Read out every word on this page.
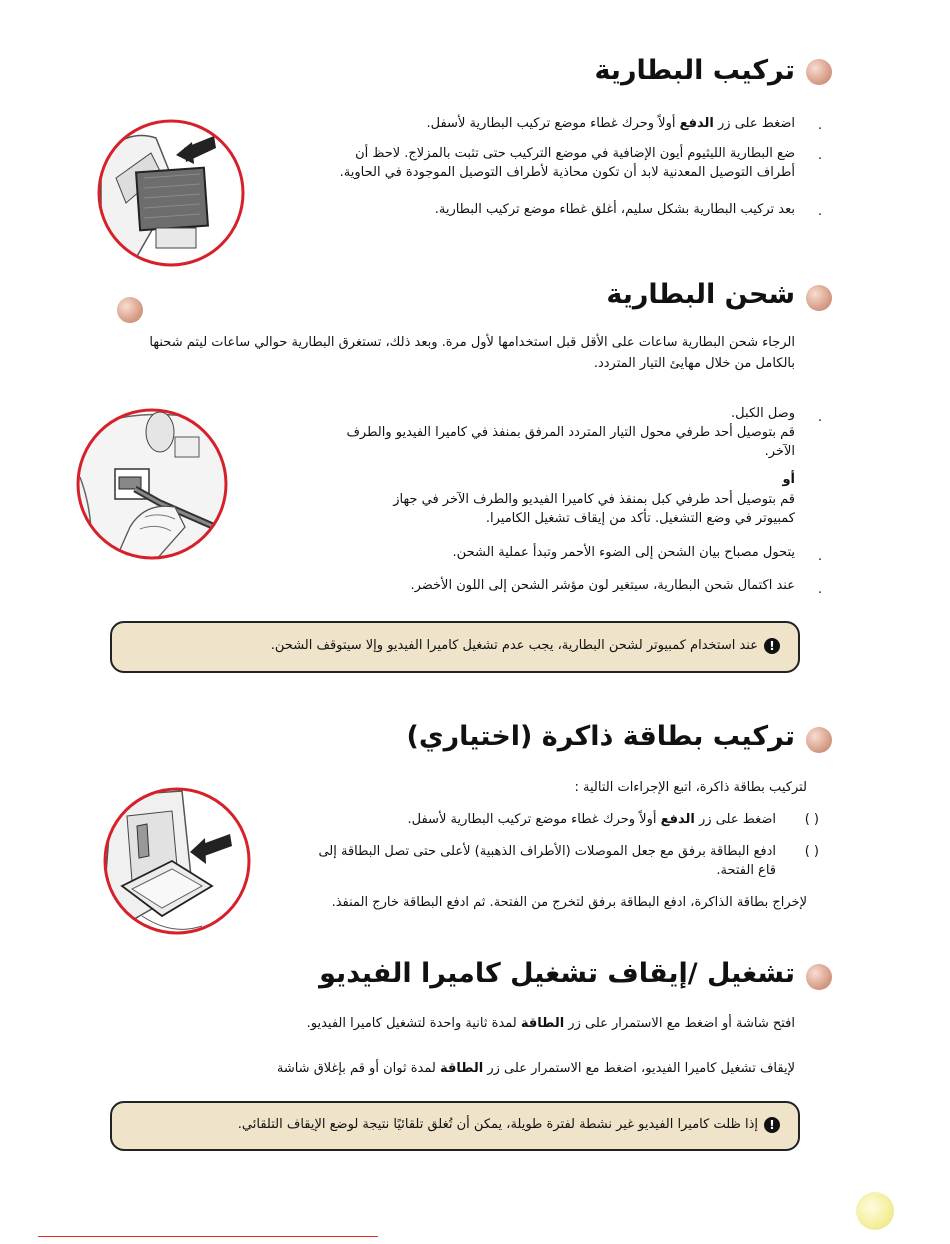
تركيب البطارية
.
اضغط على زر الدفع أولاً وحرك غطاء موضع تركيب البطارية لأسفل.
.
ضع البطارية الليثيوم أيون الإضافية في موضع التركيب حتى تثبت بالمزلاج. لاحظ أن
أطراف التوصيل المعدنية لابد أن تكون محاذية لأطراف التوصيل الموجودة في الحاوية.
.
بعد تركيب البطارية بشكل سليم، أغلق غطاء موضع تركيب البطارية.
شحن البطارية
الرجاء شحن البطارية ساعات على الأقل قبل استخدامها لأول مرة. وبعد ذلك، تستغرق البطارية حوالي ساعات ليتم شحنها
بالكامل من خلال مهايئ التيار المتردد.
.
وصل الكبل.
قم بتوصيل أحد طرفي محول التيار المتردد المرفق بمنفذ في كاميرا الفيديو والطرف
الآخر.
أو
قم بتوصيل أحد طرفي كبل بمنفذ في كاميرا الفيديو والطرف الآخر في جهاز
كمبيوتر في وضع التشغيل. تأكد من إيقاف تشغيل الكاميرا.
.
يتحول مصباح بيان الشحن إلى الضوء الأحمر وتبدأ عملية الشحن.
.
عند اكتمال شحن البطارية، سيتغير لون مؤشر الشحن إلى اللون الأخضر.
!
عند استخدام كمبيوتر لشحن البطارية، يجب عدم تشغيل كاميرا الفيديو وإلا سيتوقف الشحن.
تركيب بطاقة ذاكرة (اختياري)
لتركيب بطاقة ذاكرة، اتبع الإجراءات التالية :
( )
اضغط على زر الدفع أولاً وحرك غطاء موضع تركيب البطارية لأسفل.
( )
ادفع البطاقة برفق مع جعل الموصلات (الأطراف الذهبية) لأعلى حتى تصل البطاقة إلى
قاع الفتحة.
لإخراج بطاقة الذاكرة، ادفع البطاقة برفق لتخرج من الفتحة. ثم ادفع البطاقة خارج المنفذ.
تشغيل /إيقاف تشغيل كاميرا الفيديو
افتح شاشة أو اضغط مع الاستمرار على زر الطاقة لمدة ثانية واحدة لتشغيل كاميرا الفيديو.
لإيقاف تشغيل كاميرا الفيديو، اضغط مع الاستمرار على زر الطاقة لمدة ثوان أو قم بإغلاق شاشة
!
إذا ظلت كاميرا الفيديو غير نشطة لفترة طويلة، يمكن أن تُغلق تلقائيًا نتيجة لوضع الإيقاف التلقائي.
